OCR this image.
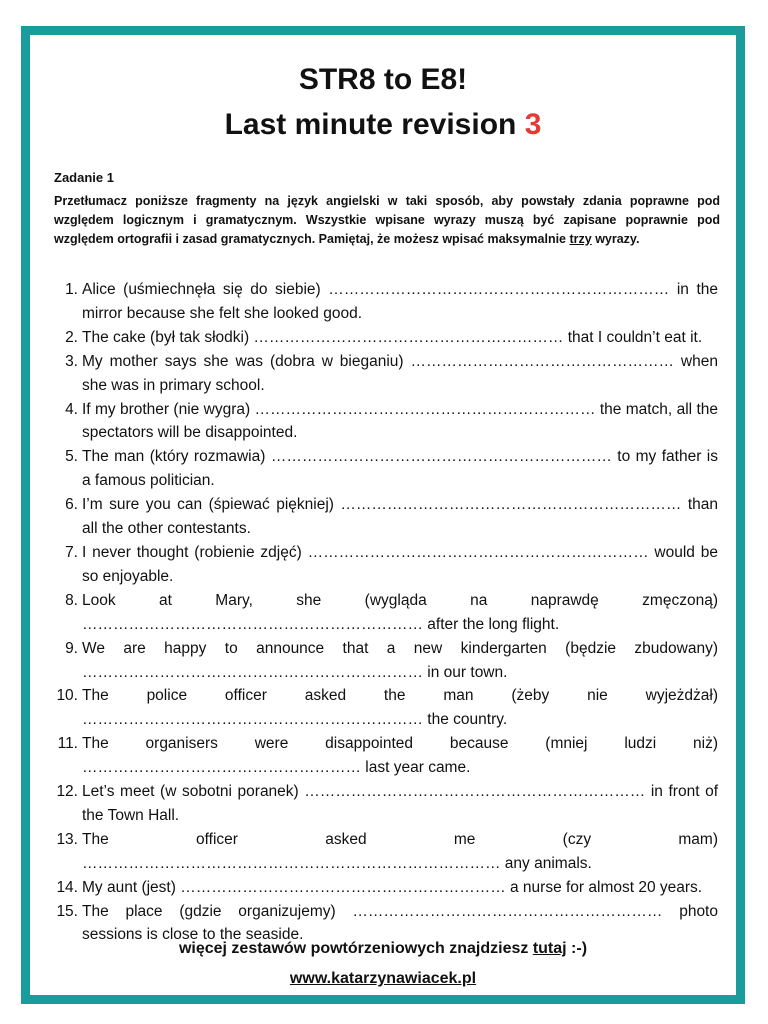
STR8 to E8!
Last minute revision 3
Zadanie 1
Przetłumacz poniższe fragmenty na język angielski w taki sposób, aby powstały zdania poprawne pod względem logicznym i gramatycznym. Wszystkie wpisane wyrazy muszą być zapisane poprawnie pod względem ortografii i zasad gramatycznych. Pamiętaj, że możesz wpisać maksymalnie trzy wyrazy.
1. Alice (uśmiechnęła się do siebie) ………………………………………………………… in the mirror because she felt she looked good.
2. The cake (był tak słodki) …………………………………………………… that I couldn’t eat it.
3. My mother says she was (dobra w bieganiu) …………………………………………… when she was in primary school.
4. If my brother (nie wygra) ………………………………………………………… the match, all the spectators will be disappointed.
5. The man (który rozmawia) ………………………………………………………… to my father is a famous politician.
6. I’m sure you can (śpiewać piękniej) ………………………………………………………… than all the other contestants.
7. I never thought (robienie zdjęć) ………………………………………………………… would be so enjoyable.
8. Look at Mary, she (wygląda na naprawdę zmęczoną) ………………………………………………………… after the long flight.
9. We are happy to announce that a new kindergarten (będzie zbudowany) ………………………………………………………… in our town.
10. The police officer asked the man (żeby nie wyjeżdżał) ………………………………………………………… the country.
11. The organisers were disappointed because (mniej ludzi niż) ……………………………………………… last year came.
12. Let’s meet (w sobotni poranek) ………………………………………………………… in front of the Town Hall.
13. The officer asked me (czy mam) ……………………………………………………………………… any animals.
14. My aunt (jest) ……………………………………………………… a nurse for almost 20 years.
15. The place (gdzie organizujemy) …………………………………………………… photo sessions is close to the seaside.
więcej zestawów powtórzeniowych znajdziesz tutaj :-)
www.katarzynawiacek.pl
